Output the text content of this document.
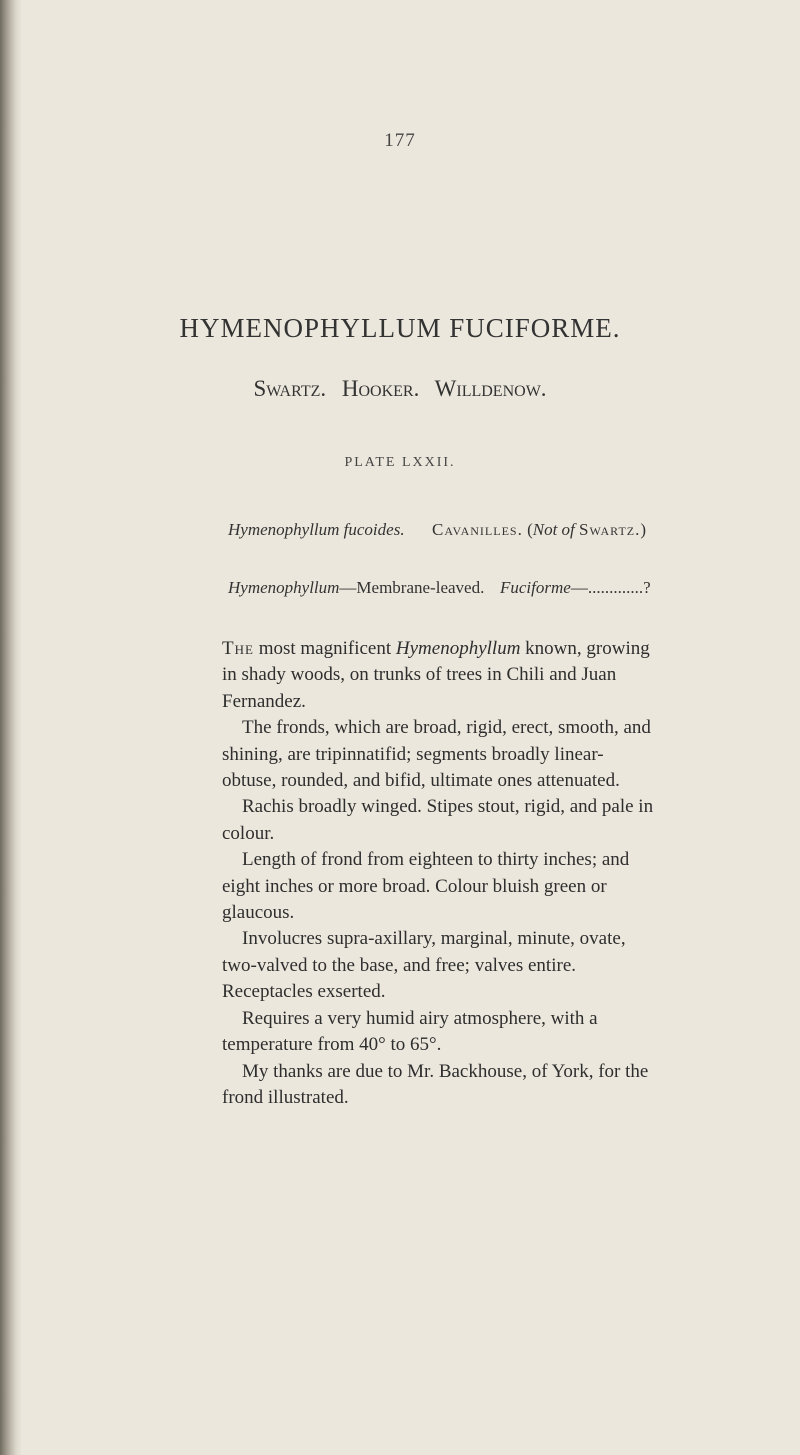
177
HYMENOPHYLLUM FUCIFORME.
Swartz. Hooker. Willdenow.
PLATE LXXII.
Hymenophyllum fucoides. Cavanilles. (Not of Swartz.)
Hymenophyllum—Membrane-leaved. Fuciforme—.............?

The most magnificent Hymenophyllum known, growing in shady woods, on trunks of trees in Chili and Juan Fernandez.

The fronds, which are broad, rigid, erect, smooth, and shining, are tripinnatifid; segments broadly linear-obtuse, rounded, and bifid, ultimate ones attenuated.

Rachis broadly winged. Stipes stout, rigid, and pale in colour.

Length of frond from eighteen to thirty inches; and eight inches or more broad. Colour bluish green or glaucous.

Involucres supra-axillary, marginal, minute, ovate, two-valved to the base, and free; valves entire. Receptacles exserted.

Requires a very humid airy atmosphere, with a temperature from 40° to 65°.

My thanks are due to Mr. Backhouse, of York, for the frond illustrated.
